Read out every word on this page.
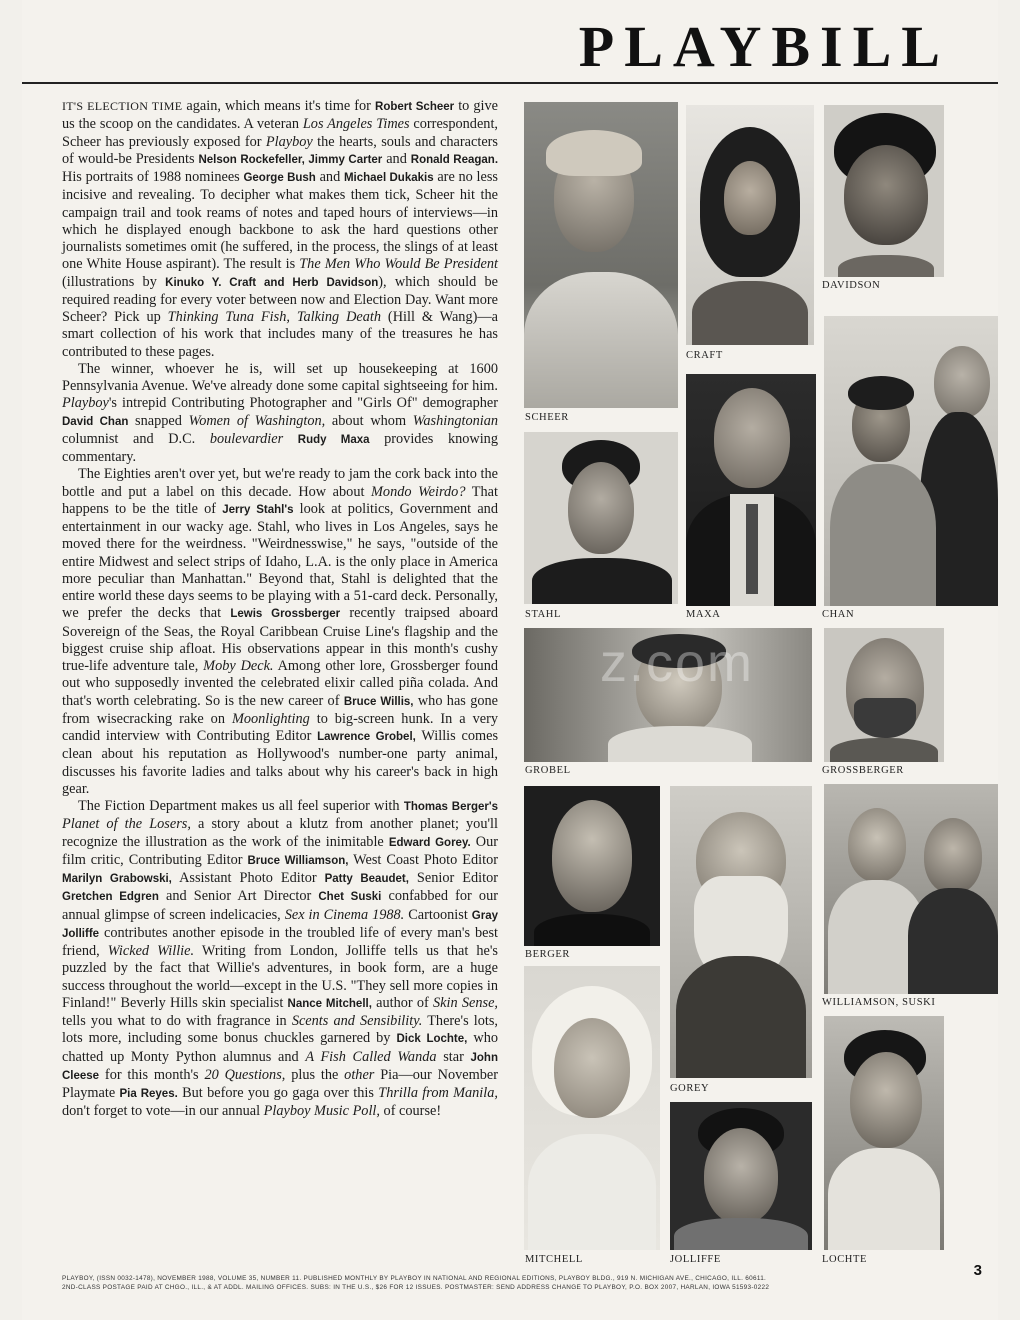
PLAYBILL

IT'S ELECTION TIME again, which means it's time for Robert Scheer to give us the scoop on the candidates. A veteran Los Angeles Times correspondent, Scheer has previously exposed for Playboy the hearts, souls and characters of would-be Presidents Nelson Rockefeller, Jimmy Carter and Ronald Reagan. His portraits of 1988 nominees George Bush and Michael Dukakis are no less incisive and revealing. To decipher what makes them tick, Scheer hit the campaign trail and took reams of notes and taped hours of interviews—in which he displayed enough backbone to ask the hard questions other journalists sometimes omit (he suffered, in the process, the slings of at least one White House aspirant). The result is The Men Who Would Be President (illustrations by Kinuko Y. Craft and Herb Davidson), which should be required reading for every voter between now and Election Day. Want more Scheer? Pick up Thinking Tuna Fish, Talking Death (Hill & Wang)—a smart collection of his work that includes many of the treasures he has contributed to these pages.

The winner, whoever he is, will set up housekeeping at 1600 Pennsylvania Avenue. We've already done some capital sightseeing for him. Playboy's intrepid Contributing Photographer and "Girls Of" demographer David Chan snapped Women of Washington, about whom Washingtonian columnist and D.C. boulevardier Rudy Maxa provides knowing commentary.

The Eighties aren't over yet, but we're ready to jam the cork back into the bottle and put a label on this decade. How about Mondo Weirdo? That happens to be the title of Jerry Stahl's look at politics, Government and entertainment in our wacky age. Stahl, who lives in Los Angeles, says he moved there for the weirdness. "Weirdnesswise," he says, "outside of the entire Midwest and select strips of Idaho, L.A. is the only place in America more peculiar than Manhattan." Beyond that, Stahl is delighted that the entire world these days seems to be playing with a 51-card deck. Personally, we prefer the decks that Lewis Grossberger recently traipsed aboard Sovereign of the Seas, the Royal Caribbean Cruise Line's flagship and the biggest cruise ship afloat. His observations appear in this month's cushy true-life adventure tale, Moby Deck. Among other lore, Grossberger found out who supposedly invented the celebrated elixir called piña colada. And that's worth celebrating. So is the new career of Bruce Willis, who has gone from wisecracking rake on Moonlighting to big-screen hunk. In a very candid interview with Contributing Editor Lawrence Grobel, Willis comes clean about his reputation as Hollywood's number-one party animal, discusses his favorite ladies and talks about why his career's back in high gear.

The Fiction Department makes us all feel superior with Thomas Berger's Planet of the Losers, a story about a klutz from another planet; you'll recognize the illustration as the work of the inimitable Edward Gorey. Our film critic, Contributing Editor Bruce Williamson, West Coast Photo Editor Marilyn Grabowski, Assistant Photo Editor Patty Beaudet, Senior Editor Gretchen Edgren and Senior Art Director Chet Suski confabbed for our annual glimpse of screen indelicacies, Sex in Cinema 1988. Cartoonist Gray Jolliffe contributes another episode in the troubled life of every man's best friend, Wicked Willie. Writing from London, Jolliffe tells us that he's puzzled by the fact that Willie's adventures, in book form, are a huge success throughout the world—except in the U.S. "They sell more copies in Finland!" Beverly Hills skin specialist Nance Mitchell, author of Skin Sense, tells you what to do with fragrance in Scents and Sensibility. There's lots, lots more, including some bonus chuckles garnered by Dick Lochte, who chatted up Monty Python alumnus and A Fish Called Wanda star John Cleese for this month's 20 Questions, plus the other Pia—our November Playmate Pia Reyes. But before you go gaga over this Thrilla from Manila, don't forget to vote—in our annual Playboy Music Poll, of course!

SCHEER
CRAFT
DAVIDSON
STAHL	MAXA	CHAN
GROBEL	GROSSBERGER
BERGER
GOREY
WILLIAMSON, SUSKI
MITCHELL	JOLLIFFE	LOCHTE
z.com
PLAYBOY, (ISSN 0032-1478), NOVEMBER 1988, VOLUME 35, NUMBER 11. PUBLISHED MONTHLY BY PLAYBOY IN NATIONAL AND REGIONAL EDITIONS, PLAYBOY BLDG., 919 N. MICHIGAN AVE., CHICAGO, ILL. 60611.
2ND-CLASS POSTAGE PAID AT CHGO., ILL., & AT ADDL. MAILING OFFICES. SUBS: IN THE U.S., $26 FOR 12 ISSUES. POSTMASTER: SEND ADDRESS CHANGE TO PLAYBOY, P.O. BOX 2007, HARLAN, IOWA 51593-0222
3
